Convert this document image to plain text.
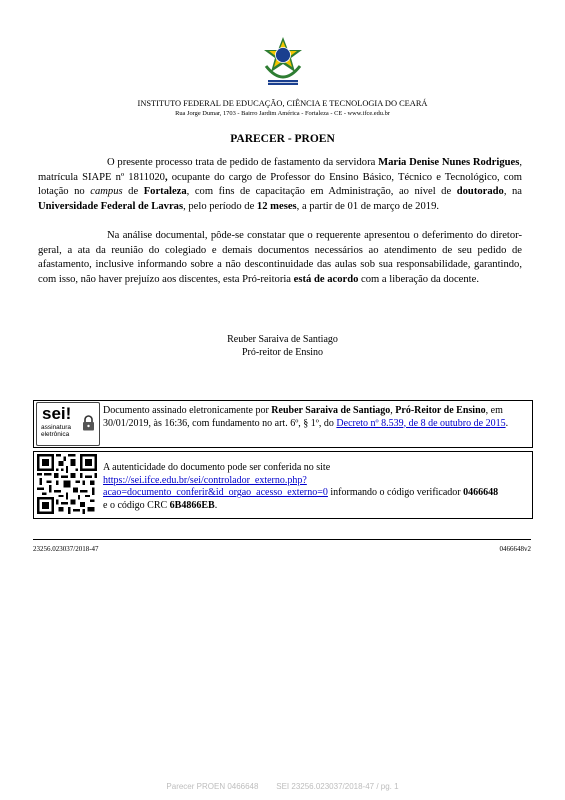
INSTITUTO FEDERAL DE EDUCAÇÃO, CIÊNCIA E TECNOLOGIA DO CEARÁ
Rua Jorge Dumar, 1703 - Bairro Jardim América - Fortaleza - CE - www.ifce.edu.br
PARECER - PROEN
O presente processo trata de pedido de fastamento da servidora Maria Denise Nunes Rodrigues, matrícula SIAPE nº 1811020, ocupante do cargo de Professor do Ensino Básico, Técnico e Tecnológico, com lotação no campus de Fortaleza, com fins de capacitação em Administração, ao nível de doutorado, na Universidade Federal de Lavras, pelo período de 12 meses, a partir de 01 de março de 2019.
Na análise documental, pôde-se constatar que o requerente apresentou o deferimento do diretor-geral, a ata da reunião do colegiado e demais documentos necessários ao atendimento de seu pedido de afastamento, inclusive informando sobre a não descontinuidade das aulas sob sua responsabilidade, garantindo, com isso, não haver prejuízo aos discentes, esta Pró-reitoria está de acordo com a liberação da docente.
Reuber Saraiva de Santiago
Pró-reitor de Ensino
sei!
assinatura
eletrônica
Documento assinado eletronicamente por Reuber Saraiva de Santiago, Pró-Reitor de Ensino, em 30/01/2019, às 16:36, com fundamento no art. 6º, § 1º, do Decreto nº 8.539, de 8 de outubro de 2015.
A autenticidade do documento pode ser conferida no site
https://sei.ifce.edu.br/sei/controlador_externo.php?
acao=documento_conferir&id_orgao_acesso_externo=0 informando o código verificador 0466648
e o código CRC 6B4866EB.
23256.023037/2018-47	0466648v2
Parecer PROEN 0466648 SEI 23256.023037/2018-47 / pg. 1
